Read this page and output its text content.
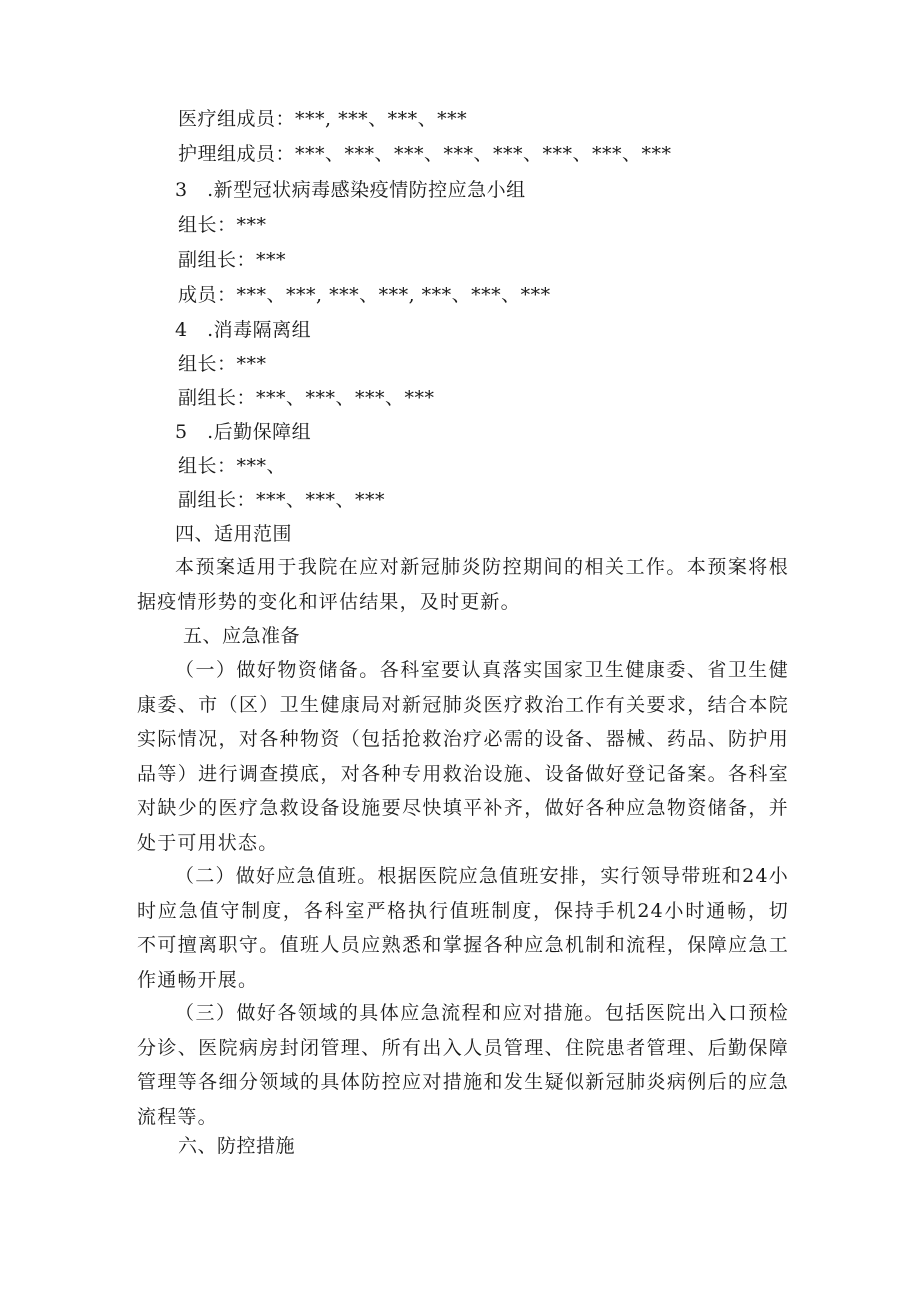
医疗组成员：***, ***、***、***
护理组成员：***、***、***、***、***、***、***、***
3　.新型冠状病毒感染疫情防控应急小组
组长：***
副组长：***
成员：***、***, ***、***, ***、***、***
4　.消毒隔离组
组长：***
副组长：***、***、***、***
5　.后勤保障组
组长：***、
副组长：***、***、***
四、适用范围
本预案适用于我院在应对新冠肺炎防控期间的相关工作。本预案将根据疫情形势的变化和评估结果，及时更新。
五、应急准备
（一）做好物资储备。各科室要认真落实国家卫生健康委、省卫生健康委、市（区）卫生健康局对新冠肺炎医疗救治工作有关要求，结合本院实际情况，对各种物资（包括抢救治疗必需的设备、器械、药品、防护用品等）进行调查摸底，对各种专用救治设施、设备做好登记备案。各科室对缺少的医疗急救设备设施要尽快填平补齐，做好各种应急物资储备，并处于可用状态。
（二）做好应急值班。根据医院应急值班安排，实行领导带班和24小时应急值守制度，各科室严格执行值班制度，保持手机24小时通畅，切不可擅离职守。值班人员应熟悉和掌握各种应急机制和流程，保障应急工作通畅开展。
（三）做好各领域的具体应急流程和应对措施。包括医院出入口预检分诊、医院病房封闭管理、所有出入人员管理、住院患者管理、后勤保障管理等各细分领域的具体防控应对措施和发生疑似新冠肺炎病例后的应急流程等。
六、防控措施
